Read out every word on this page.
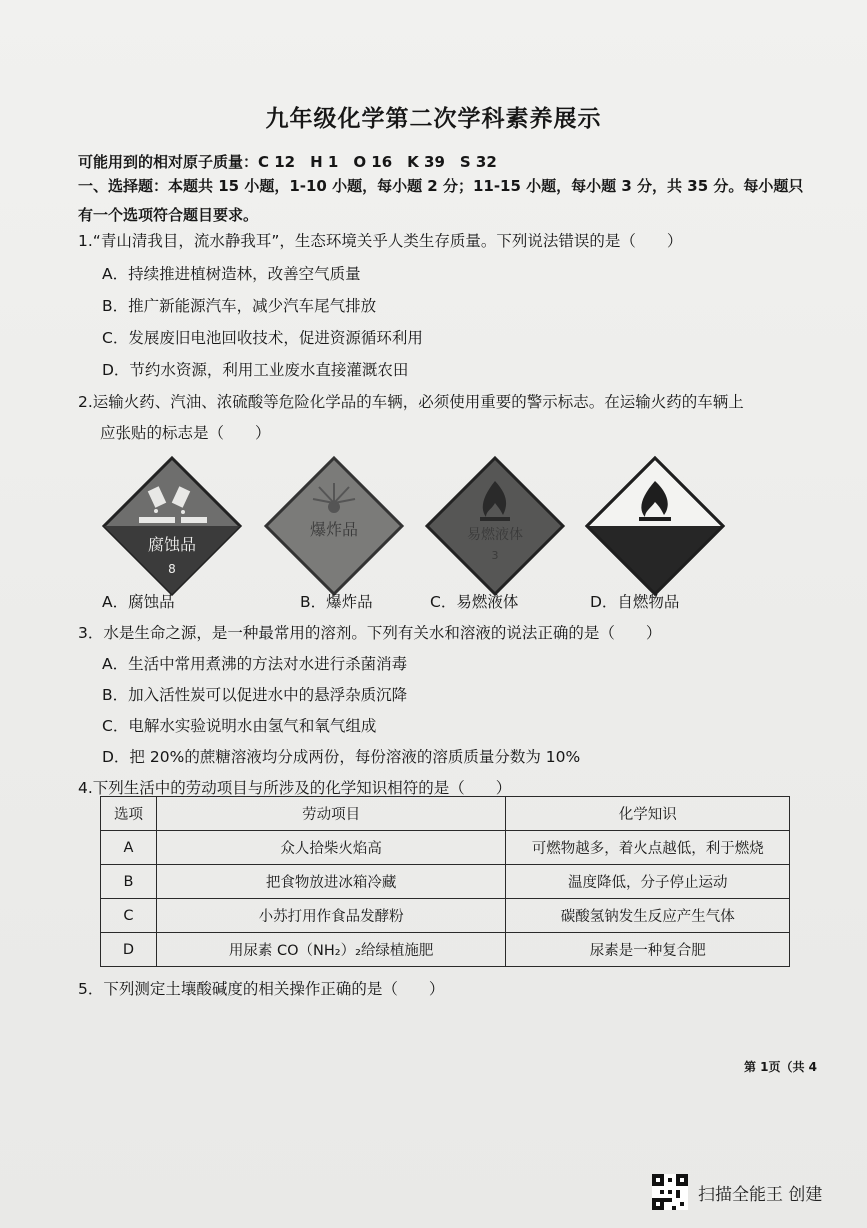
九年级化学第二次学科素养展示
可能用到的相对原子质量：C 12　H 1　O 16　K 39　S 32
一、选择题：本题共 15 小题，1-10 小题，每小题 2 分；11-15 小题，每小题 3 分，共 35 分。每小题只有一个选项符合题目要求。
1.“青山清我目，流水静我耳”，生态环境关乎人类生存质量。下列说法错误的是（　　）
A．持续推进植树造林，改善空气质量
B．推广新能源汽车，减少汽车尾气排放
C．发展废旧电池回收技术，促进资源循环利用
D．节约水资源，利用工业废水直接灌溉农田
2.运输火药、汽油、浓硫酸等危险化学品的车辆，必须使用重要的警示标志。在运输火药的车辆上
应张贴的标志是（　　）
腐蚀品
8
爆炸品	易燃液体
3
A．腐蚀品	B．爆炸品	C．易燃液体	D．自燃物品
3．水是生命之源，是一种最常用的溶剂。下列有关水和溶液的说法正确的是（　　）
A．生活中常用煮沸的方法对水进行杀菌消毒
B．加入活性炭可以促进水中的悬浮杂质沉降
C．电解水实验说明水由氢气和氧气组成
D．把 20%的蔗糖溶液均分成两份，每份溶液的溶质质量分数为 10%
4.下列生活中的劳动项目与所涉及的化学知识相符的是（　　）
选项	劳动项目	化学知识
A	众人拾柴火焰高	可燃物越多，着火点越低，利于燃烧
B	把食物放进冰箱冷藏	温度降低，分子停止运动
C	小苏打用作食品发酵粉	碳酸氢钠发生反应产生气体
D	用尿素 CO（NH₂）₂给绿植施肥	尿素是一种复合肥
5．下列测定土壤酸碱度的相关操作正确的是（　　）
第 1页（共 4
扫描全能王 创建
